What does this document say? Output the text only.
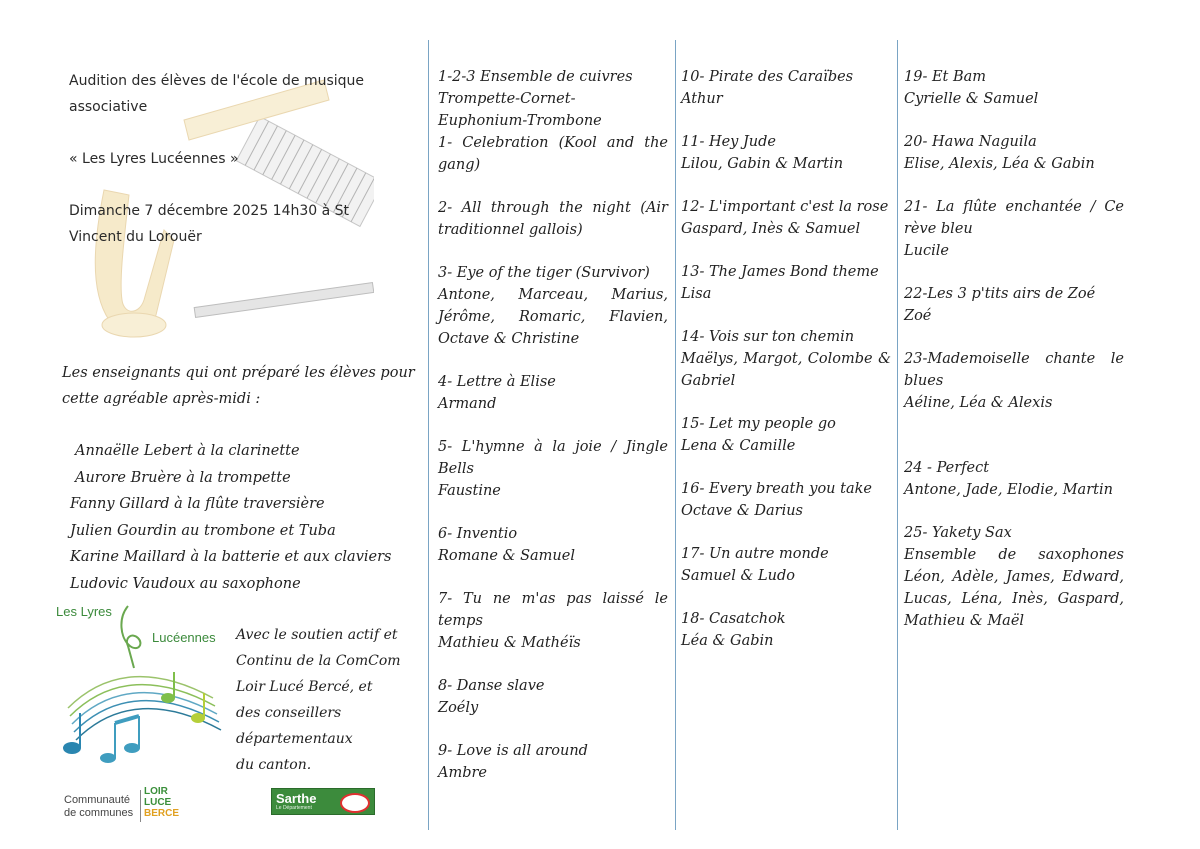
Audition des élèves de l'école de musique
associative
« Les Lyres Lucéennes »
Dimanche 7 décembre 2025 14h30 à St
Vincent du Lorouër
Les enseignants qui ont préparé les élèves pour
cette agréable après-midi :
Annaëlle Lebert à la clarinette
Aurore Bruère à la trompette
Fanny Gillard à la flûte traversière
Julien Gourdin au trombone et Tuba
Karine Maillard à la batterie et aux claviers
Ludovic Vaudoux au saxophone
Les Lyres
Lucéennes Avec le soutien actif et
Continu de la ComCom
Loir Lucé Bercé, et
des conseillers
départementaux
du canton.
Communauté
de communes
LOIR
LUCE
BERCE
Sarthe
Le Département
1-2-3 Ensemble de cuivres
Trompette-Cornet-
Euphonium-Trombone
1- Celebration (Kool and the gang)
2- All through the night (Air traditionnel gallois)
3- Eye of the tiger (Survivor)
Antone, Marceau, Marius, Jérôme, Romaric, Flavien, Octave & Christine
4- Lettre à Elise
Armand
5- L'hymne à la joie / Jingle Bells
Faustine
6- Inventio
Romane & Samuel
7- Tu ne m'as pas laissé le temps
Mathieu & Mathéïs
8- Danse slave
Zoély
9- Love is all around
Ambre
10- Pirate des Caraïbes
Athur
11- Hey Jude
Lilou, Gabin & Martin
12- L'important c'est la rose
Gaspard, Inès & Samuel
13- The James Bond theme
Lisa
14- Vois sur ton chemin
Maëlys, Margot, Colombe & Gabriel
15- Let my people go
Lena & Camille
16- Every breath you take
Octave & Darius
17- Un autre monde
Samuel & Ludo
18- Casatchok
Léa & Gabin
19- Et Bam
Cyrielle & Samuel
20- Hawa Naguila
Elise, Alexis, Léa & Gabin
21- La flûte enchantée / Ce rève bleu
Lucile
22-Les 3 p'tits airs de Zoé
Zoé
23-Mademoiselle chante le blues
Aéline, Léa & Alexis
24 - Perfect
Antone, Jade, Elodie, Martin
25- Yakety Sax
Ensemble de saxophones Léon, Adèle, James, Edward, Lucas, Léna, Inès, Gaspard, Mathieu & Maël
